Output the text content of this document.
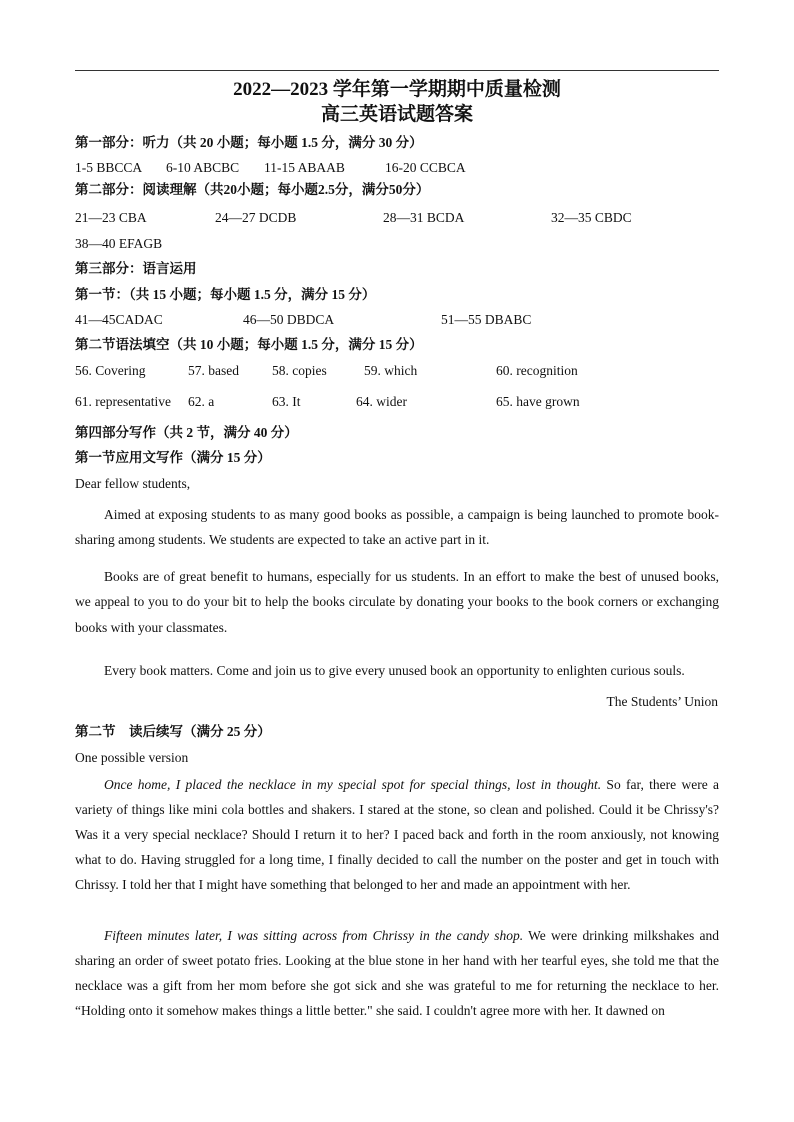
2022—2023 学年第一学期期中质量检测
高三英语试题答案
第一部分：听力（共 20 小题；每小题 1.5 分，满分 30 分）
1-5 BBCCA 6-10 ABCBC 11-15 ABAAB	16-20 CCBCA
第二部分：阅读理解（共20小题；每小题2.5分，满分50分）
21—23 CBA	24—27 DCDB	28—31 BCDA	32—35 CBDC
38—40 EFAGB
第三部分：语言运用
第一节：（共 15 小题；每小题 1.5 分，满分 15 分）
41—45CADAC	46—50 DBDCA	51—55 DBABC
第二节语法填空（共 10 小题；每小题 1.5 分，满分 15 分）
56. Covering	57. based 58. copies	59. which	60. recognition
61. representative 62. a	63. It	64. wider	65. have grown
第四部分写作（共 2 节，满分 40 分）
第一节应用文写作（满分 15 分）
Dear fellow students,

Aimed at exposing students to as many good books as possible, a campaign is being launched to promote book-sharing among students. We students are expected to take an active part in it.

Books are of great benefit to humans, especially for us students. In an effort to make the best of unused books, we appeal to you to do your bit to help the books circulate by donating your books to the book corners or exchanging books with your classmates.

Every book matters. Come and join us to give every unused book an opportunity to enlighten curious souls.

The Students’ Union
第二节　读后续写（满分 25 分）
One possible version

Once home, I placed the necklace in my special spot for special things, lost in thought. So far, there were a variety of things like mini cola bottles and shakers. I stared at the stone, so clean and polished. Could it be Chrissy's? Was it a very special necklace? Should I return it to her? I paced back and forth in the room anxiously, not knowing what to do. Having struggled for a long time, I finally decided to call the number on the poster and get in touch with Chrissy. I told her that I might have something that belonged to her and made an appointment with her.

Fifteen minutes later, I was sitting across from Chrissy in the candy shop. We were drinking milkshakes and sharing an order of sweet potato fries. Looking at the blue stone in her hand with her tearful eyes, she told me that the necklace was a gift from her mom before she got sick and she was grateful to me for returning the necklace to her. “Holding onto it somehow makes things a little better." she said. I couldn't agree more with her. It dawned on
